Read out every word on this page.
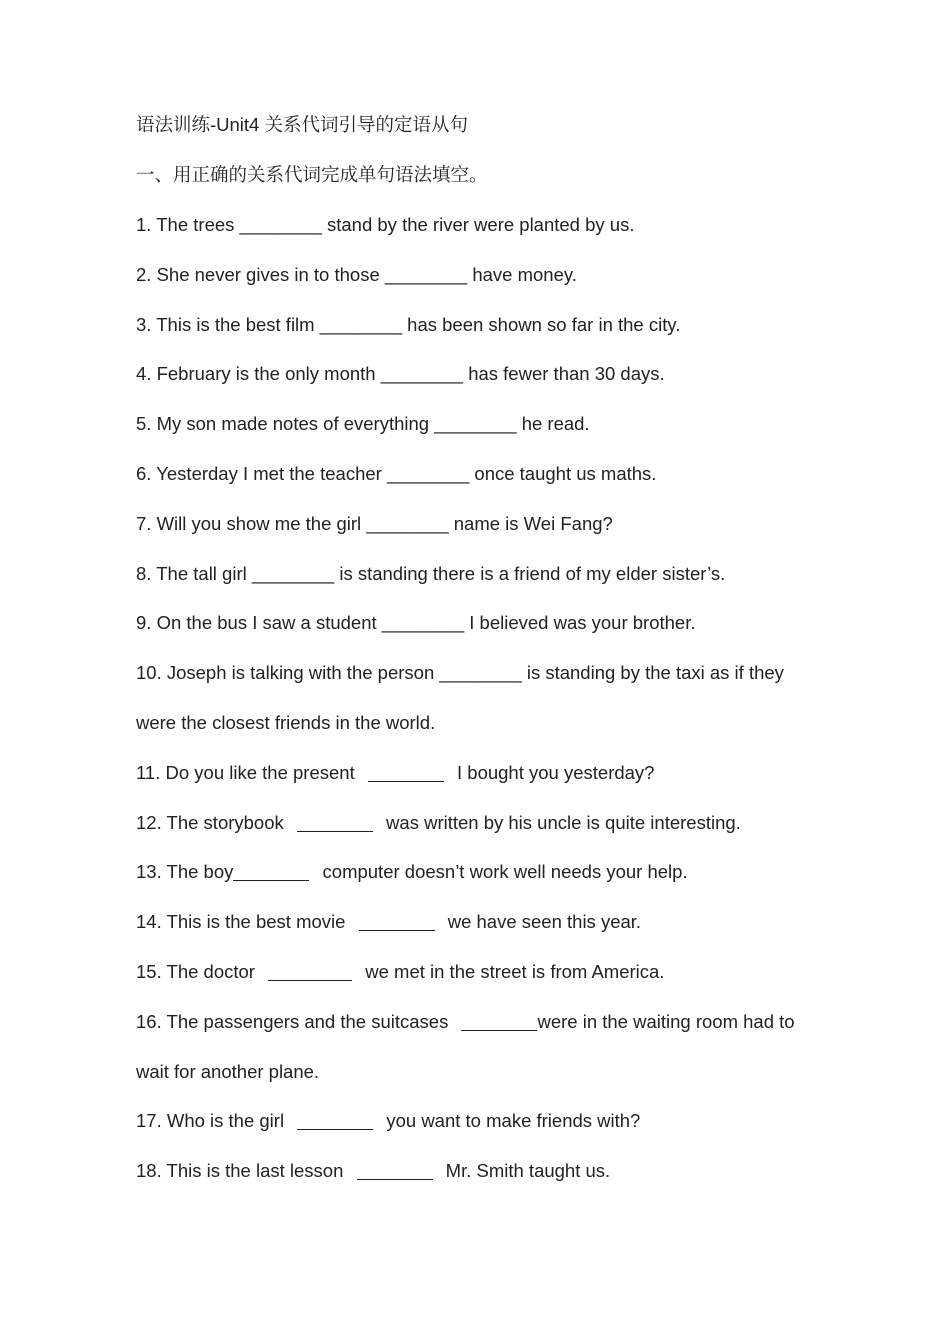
语法训练-Unit4 关系代词引导的定语从句
一、用正确的关系代词完成单句语法填空。
1. The trees ________ stand by the river were planted by us.
2. She never gives in to those ________ have money.
3. This is the best film ________ has been shown so far in the city.
4. February is the only month ________ has fewer than 30 days.
5. My son made notes of everything ________ he read.
6. Yesterday I met the teacher ________ once taught us maths.
7. Will you show me the girl ________ name is Wei Fang?
8. The tall girl ________ is standing there is a friend of my elder sister’s.
9. On the bus I saw a student ________ I believed was your brother.
10. Joseph is talking with the person ________ is standing by the taxi as if they
were the closest friends in the world.
11. Do you like the present	I bought you yesterday?
12. The storybook	was written by his uncle is quite interesting.
13. The boy	computer doesn’t work well needs your help.
14. This is the best movie	we have seen this year.
15. The doctor	we met in the street is from America.
16. The passengers and the suitcases	were in the waiting room had to
wait for another plane.
17. Who is the girl	you want to make friends with?
18. This is the last lesson	Mr. Smith taught us.
